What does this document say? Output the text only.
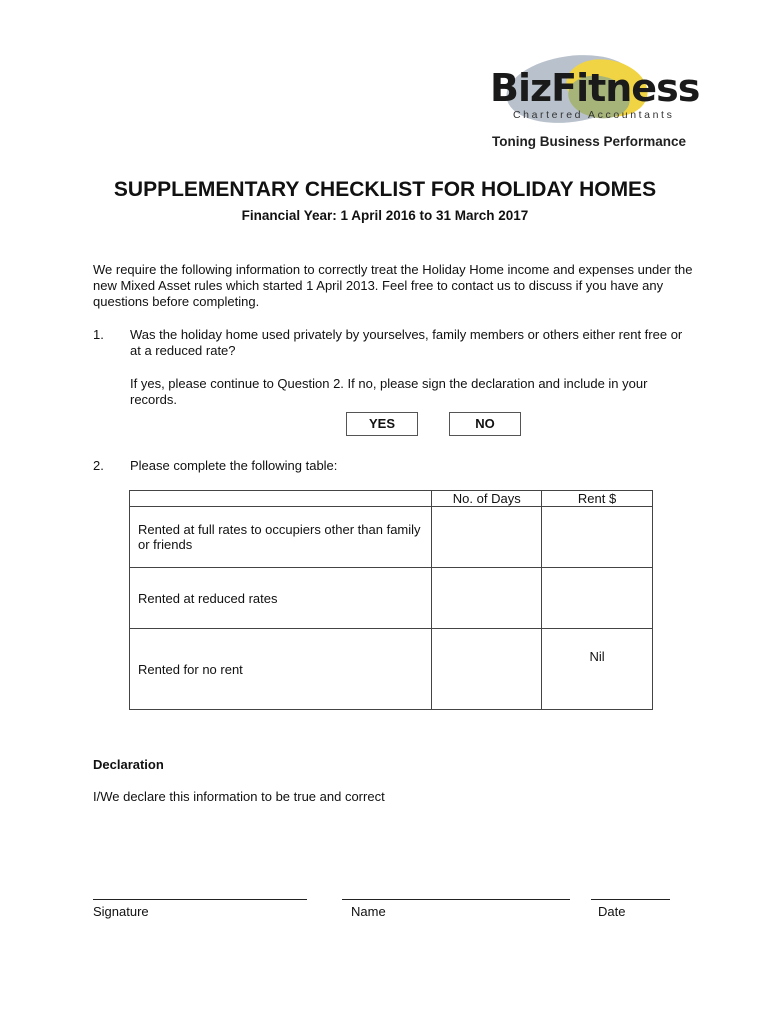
BizFitness
Chartered Accountants
Toning Business Performance
SUPPLEMENTARY CHECKLIST FOR HOLIDAY HOMES
Financial Year: 1 April 2016 to 31 March 2017
We require the following information to correctly treat the Holiday Home income and expenses under the new Mixed Asset rules which started 1 April 2013. Feel free to contact us to discuss if you have any questions before completing.
1. Was the holiday home used privately by yourselves, family members or others either rent free or at a reduced rate?
If yes, please continue to Question 2. If no, please sign the declaration and include in your records.
YES	NO
2. Please complete the following table:
	No. of Days	Rent $
Rented at full rates to occupiers other than family or friends		
Rented at reduced rates		
Rented for no rent		Nil
Declaration
I/We declare this information to be true and correct
Signature	Name	Date
